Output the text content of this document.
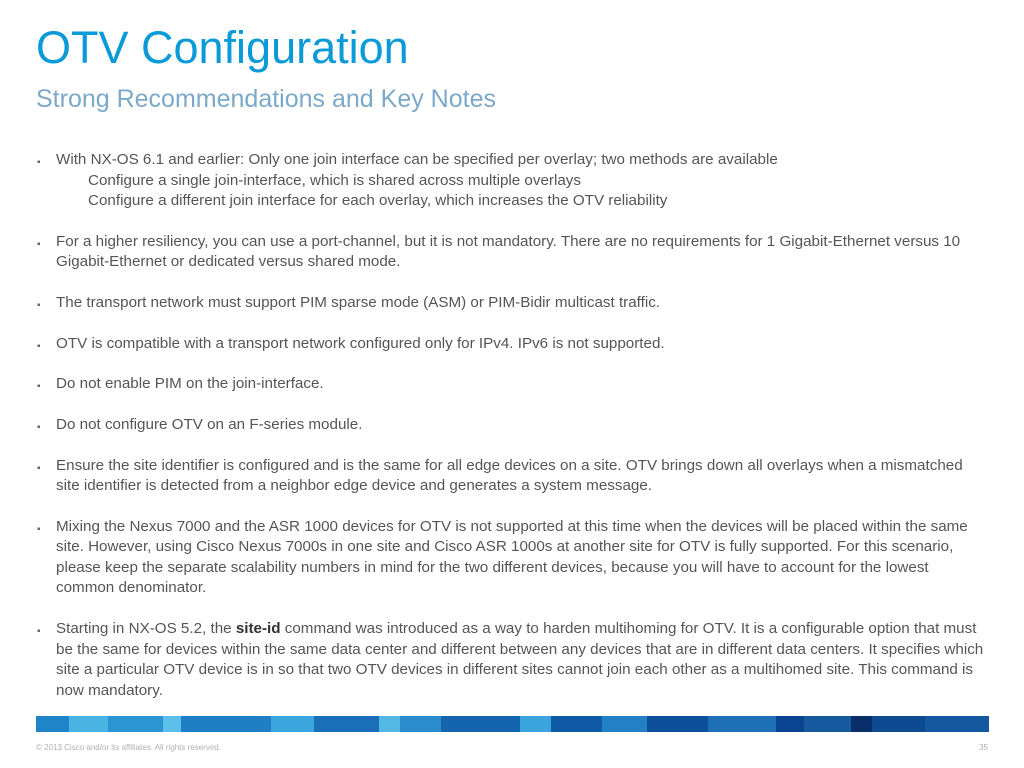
OTV Configuration
Strong Recommendations and Key Notes
▪ With NX-OS 6.1 and earlier: Only one join interface can be specified per overlay; two methods are available
Configure a single join-interface, which is shared across multiple overlays
Configure a different join interface for each overlay, which increases the OTV reliability
▪ For a higher resiliency, you can use a port-channel, but it is not mandatory. There are no requirements for 1 Gigabit-Ethernet versus 10 Gigabit-Ethernet or dedicated versus shared mode.
▪ The transport network must support PIM sparse mode (ASM) or PIM-Bidir multicast traffic.
▪ OTV is compatible with a transport network configured only for IPv4. IPv6 is not supported.
▪ Do not enable PIM on the join-interface.
▪ Do not configure OTV on an F-series module.
▪ Ensure the site identifier is configured and is the same for all edge devices on a site. OTV brings down all overlays when a mismatched site identifier is detected from a neighbor edge device and generates a system message.
▪ Mixing the Nexus 7000 and the ASR 1000 devices for OTV is not supported at this time when the devices will be placed within the same site. However, using Cisco Nexus 7000s in one site and Cisco ASR 1000s at another site for OTV is fully supported. For this scenario, please keep the separate scalability numbers in mind for the two different devices, because you will have to account for the lowest common denominator.
▪ Starting in NX-OS 5.2, the site-id command was introduced as a way to harden multihoming for OTV. It is a configurable option that must be the same for devices within the same data center and different between any devices that are in different data centers. It specifies which site a particular OTV device is in so that two OTV devices in different sites cannot join each other as a multihomed site. This command is now mandatory.
© 2013 Cisco and/or its affiliates. All rights reserved.	35
